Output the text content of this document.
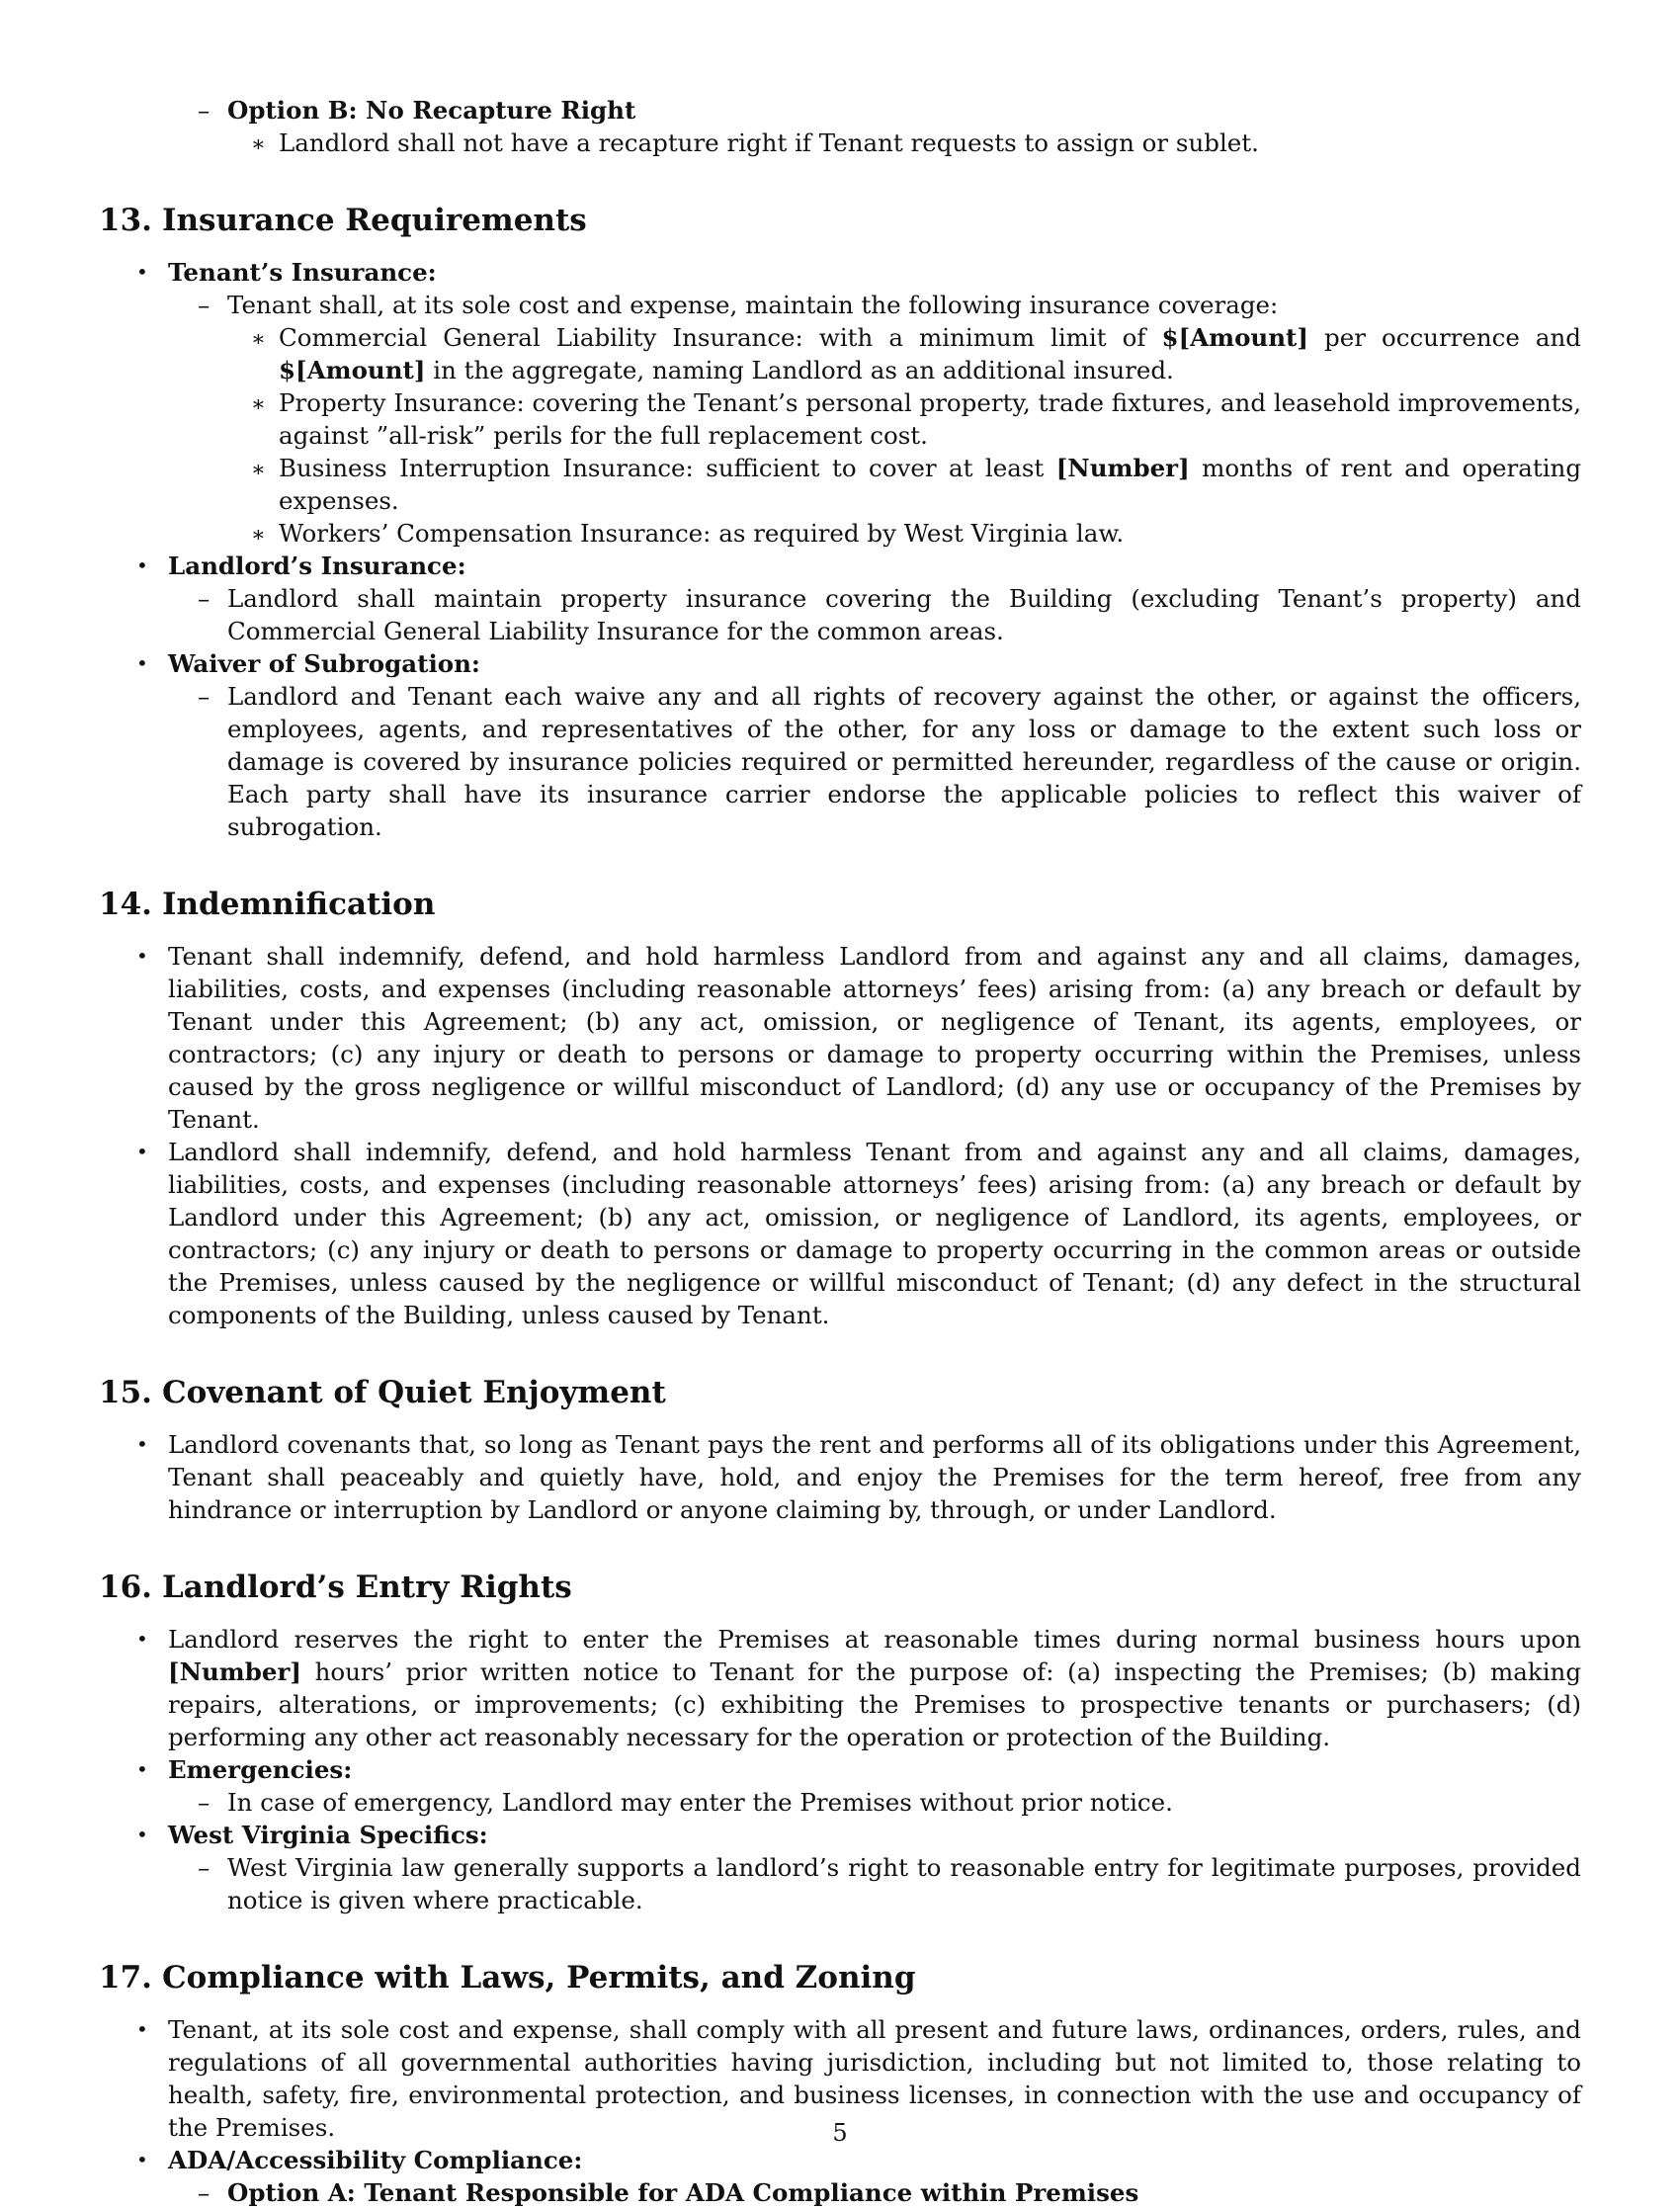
– Option B: No Recapture Right
∗ Landlord shall not have a recapture right if Tenant requests to assign or sublet.
13. Insurance Requirements
• Tenant’s Insurance:
– Tenant shall, at its sole cost and expense, maintain the following insurance coverage:
∗ Commercial General Liability Insurance: with a minimum limit of $[Amount] per occurrence and $[Amount] in the aggregate, naming Landlord as an additional insured.
∗ Property Insurance: covering the Tenant’s personal property, trade fixtures, and leasehold improvements, against ”all-risk” perils for the full replacement cost.
∗ Business Interruption Insurance: sufficient to cover at least [Number] months of rent and operating expenses.
∗ Workers’ Compensation Insurance: as required by West Virginia law.
• Landlord’s Insurance:
– Landlord shall maintain property insurance covering the Building (excluding Tenant’s property) and Commercial General Liability Insurance for the common areas.
• Waiver of Subrogation:
– Landlord and Tenant each waive any and all rights of recovery against the other, or against the officers, employees, agents, and representatives of the other, for any loss or damage to the extent such loss or damage is covered by insurance policies required or permitted hereunder, regardless of the cause or origin. Each party shall have its insurance carrier endorse the applicable policies to reflect this waiver of subrogation.
14. Indemnification
• Tenant shall indemnify, defend, and hold harmless Landlord from and against any and all claims, damages, liabilities, costs, and expenses (including reasonable attorneys’ fees) arising from: (a) any breach or default by Tenant under this Agreement; (b) any act, omission, or negligence of Tenant, its agents, employees, or contractors; (c) any injury or death to persons or damage to property occurring within the Premises, unless caused by the gross negligence or willful misconduct of Landlord; (d) any use or occupancy of the Premises by Tenant.
• Landlord shall indemnify, defend, and hold harmless Tenant from and against any and all claims, damages, liabilities, costs, and expenses (including reasonable attorneys’ fees) arising from: (a) any breach or default by Landlord under this Agreement; (b) any act, omission, or negligence of Landlord, its agents, employees, or contractors; (c) any injury or death to persons or damage to property occurring in the common areas or outside the Premises, unless caused by the negligence or willful misconduct of Tenant; (d) any defect in the structural components of the Building, unless caused by Tenant.
15. Covenant of Quiet Enjoyment
• Landlord covenants that, so long as Tenant pays the rent and performs all of its obligations under this Agreement, Tenant shall peaceably and quietly have, hold, and enjoy the Premises for the term hereof, free from any hindrance or interruption by Landlord or anyone claiming by, through, or under Landlord.
16. Landlord’s Entry Rights
• Landlord reserves the right to enter the Premises at reasonable times during normal business hours upon [Number] hours’ prior written notice to Tenant for the purpose of: (a) inspecting the Premises; (b) making repairs, alterations, or improvements; (c) exhibiting the Premises to prospective tenants or purchasers; (d) performing any other act reasonably necessary for the operation or protection of the Building.
• Emergencies:
– In case of emergency, Landlord may enter the Premises without prior notice.
• West Virginia Specifics:
– West Virginia law generally supports a landlord’s right to reasonable entry for legitimate purposes, provided notice is given where practicable.
17. Compliance with Laws, Permits, and Zoning
• Tenant, at its sole cost and expense, shall comply with all present and future laws, ordinances, orders, rules, and regulations of all governmental authorities having jurisdiction, including but not limited to, those relating to health, safety, fire, environmental protection, and business licenses, in connection with the use and occupancy of the Premises.
• ADA/Accessibility Compliance:
– Option A: Tenant Responsible for ADA Compliance within Premises
5
